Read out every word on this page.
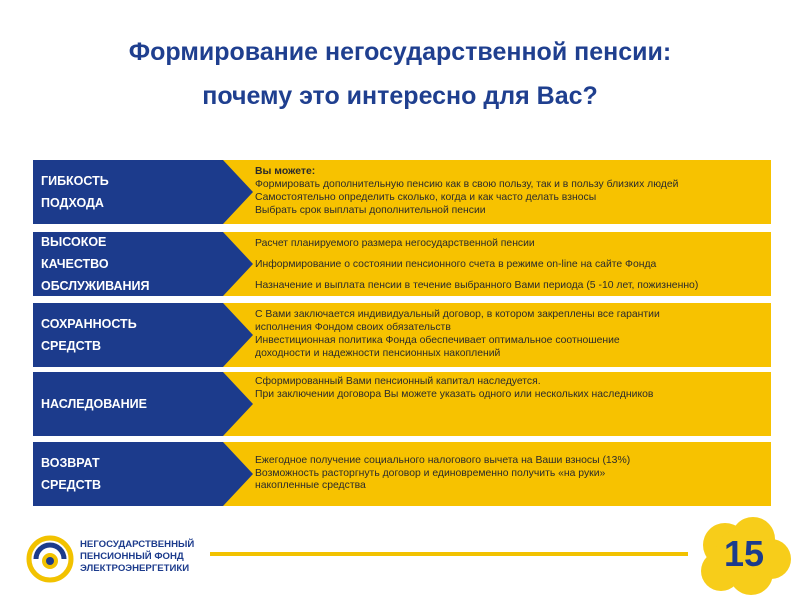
Формирование негосударственной пенсии:
почему это интересно для Вас?
ГИБКОСТЬ
ПОДХОДА
Вы можете:
Формировать дополнительную пенсию как в свою пользу, так и в пользу близких людей
Самостоятельно определить сколько, когда и как часто делать взносы
Выбрать срок выплаты дополнительной пенсии
ВЫСОКОЕ
КАЧЕСТВО
ОБСЛУЖИВАНИЯ
Расчет планируемого размера негосударственной пенсии
Информирование о состоянии пенсионного счета в режиме on-line на сайте Фонда
Назначение и выплата пенсии в течение выбранного Вами периода (5 -10 лет, пожизненно)
СОХРАННОСТЬ
СРЕДСТВ
С Вами заключается индивидуальный договор, в котором закреплены все гарантии
исполнения Фондом своих обязательств
Инвестиционная политика Фонда обеспечивает оптимальное соотношение
доходности и надежности пенсионных накоплений
НАСЛЕДОВАНИЕ
Сформированный Вами пенсионный капитал наследуется.
При заключении договора Вы можете указать одного или нескольких наследников
ВОЗВРАТ
СРЕДСТВ
Ежегодное получение социального налогового вычета на Ваши взносы (13%)
Возможность расторгнуть договор и единовременно получить «на руки»
накопленные средства
НЕГОСУДАРСТВЕННЫЙ
ПЕНСИОННЫЙ ФОНД
ЭЛЕКТРОЭНЕРГЕТИКИ	15
